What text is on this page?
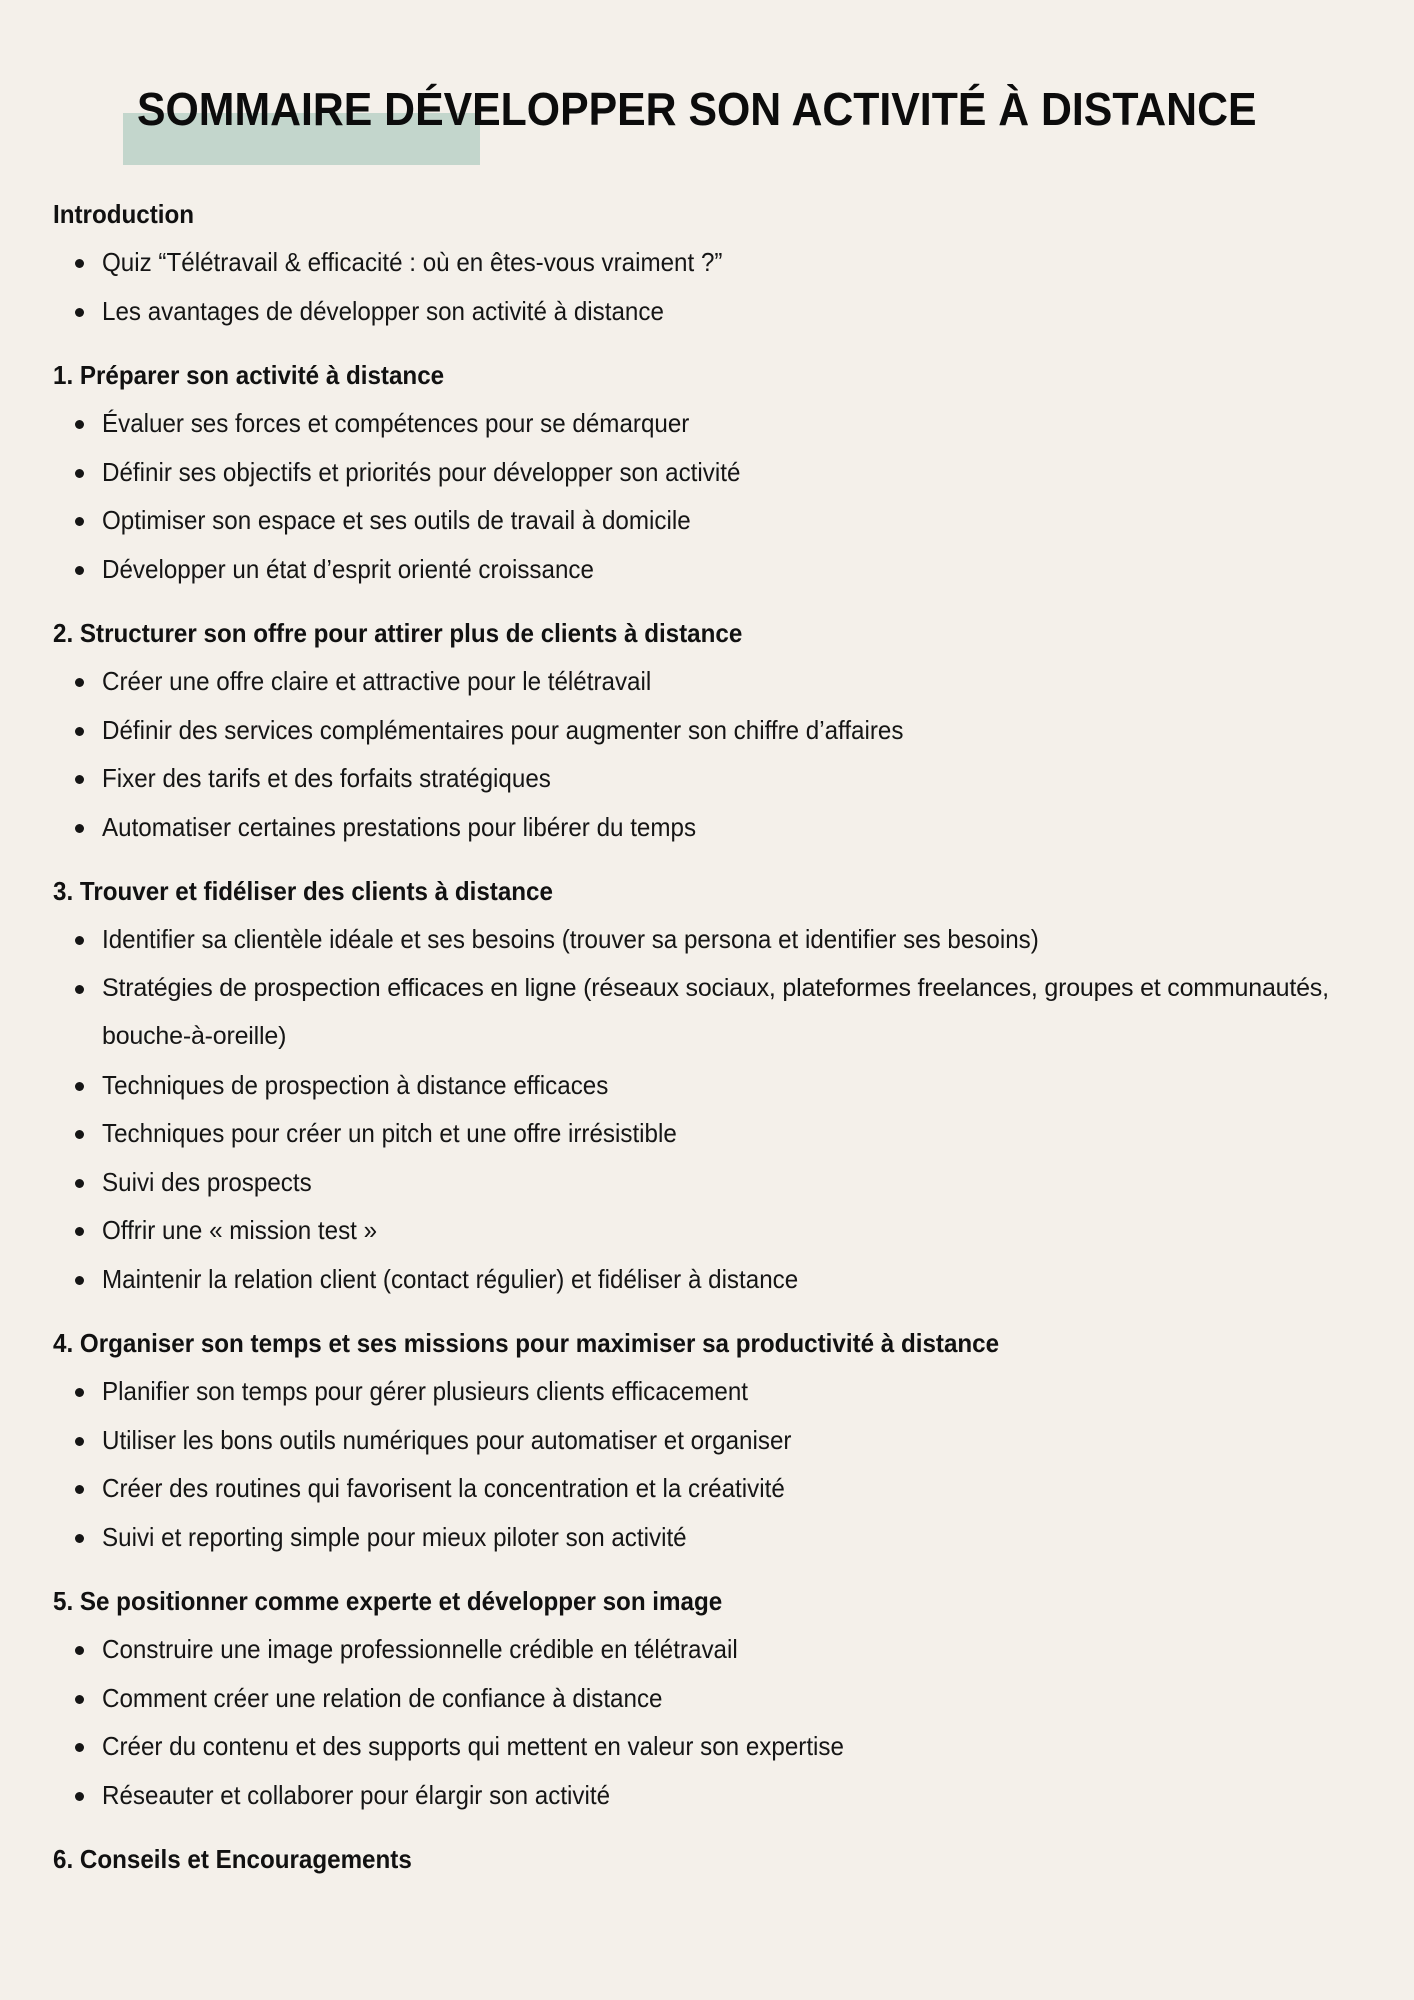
SOMMAIRE DÉVELOPPER SON ACTIVITÉ À DISTANCE
Introduction
Quiz “Télétravail & efficacité : où en êtes-vous vraiment ?”
Les avantages de développer son activité à distance
1. Préparer son activité à distance
Évaluer ses forces et compétences pour se démarquer
Définir ses objectifs et priorités pour développer son activité
Optimiser son espace et ses outils de travail à domicile
Développer un état d’esprit orienté croissance
2. Structurer son offre pour attirer plus de clients à distance
Créer une offre claire et attractive pour le télétravail
Définir des services complémentaires pour augmenter son chiffre d’affaires
Fixer des tarifs et des forfaits stratégiques
Automatiser certaines prestations pour libérer du temps
3. Trouver et fidéliser des clients à distance
Identifier sa clientèle idéale et ses besoins (trouver sa persona et identifier ses besoins)
Stratégies de prospection efficaces en ligne (réseaux sociaux, plateformes freelances, groupes et communautés, bouche-à-oreille)
Techniques de prospection à distance efficaces
Techniques pour créer un pitch et une offre irrésistible
Suivi des prospects
Offrir une « mission test »
Maintenir la relation client (contact régulier) et fidéliser à distance
4. Organiser son temps et ses missions pour maximiser sa productivité à distance
Planifier son temps pour gérer plusieurs clients efficacement
Utiliser les bons outils numériques pour automatiser et organiser
Créer des routines qui favorisent la concentration et la créativité
Suivi et reporting simple pour mieux piloter son activité
5. Se positionner comme experte et développer son image
Construire une image professionnelle crédible en télétravail
Comment créer une relation de confiance à distance
Créer du contenu et des supports qui mettent en valeur son expertise
Réseauter et collaborer pour élargir son activité
6. Conseils et Encouragements
